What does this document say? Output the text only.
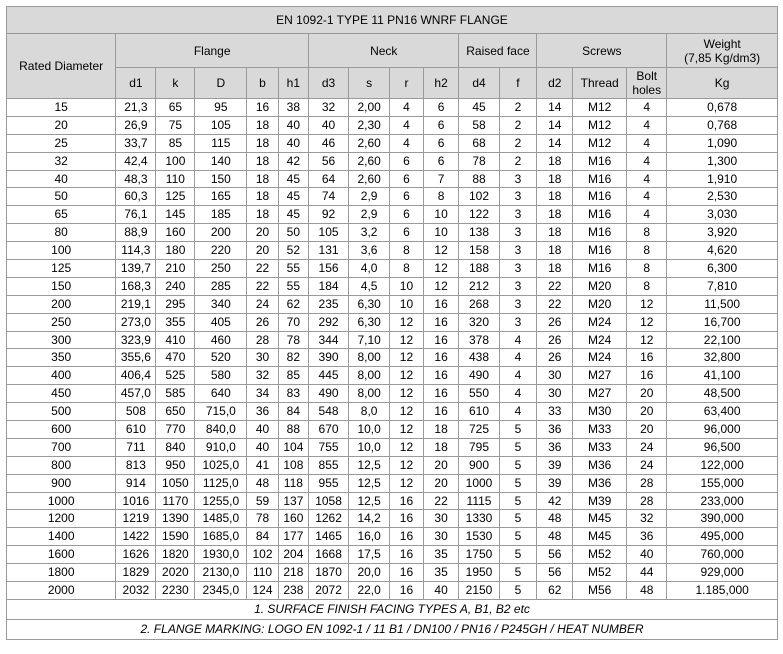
EN 1092-1 TYPE 11 PN16 WNRF FLANGE															
Rated Diameter	Flange					Neck				Raised face		Screws			Weight
(7,85 Kg/dm3)
	d1	k	D	b	h1	d3	s	r	h2	d4	f	d2	Thread	Bolt
holes	Kg
15	21,3	65	95	16	38	32	2,00	4	6	45	2	14	M12	4	0,678
20	26,9	75	105	18	40	40	2,30	4	6	58	2	14	M12	4	0,768
25	33,7	85	115	18	40	46	2,60	4	6	68	2	14	M12	4	1,090
32	42,4	100	140	18	42	56	2,60	6	6	78	2	18	M16	4	1,300
40	48,3	110	150	18	45	64	2,60	6	7	88	3	18	M16	4	1,910
50	60,3	125	165	18	45	74	2,9	6	8	102	3	18	M16	4	2,530
65	76,1	145	185	18	45	92	2,9	6	10	122	3	18	M16	4	3,030
80	88,9	160	200	20	50	105	3,2	6	10	138	3	18	M16	8	3,920
100	114,3	180	220	20	52	131	3,6	8	12	158	3	18	M16	8	4,620
125	139,7	210	250	22	55	156	4,0	8	12	188	3	18	M16	8	6,300
150	168,3	240	285	22	55	184	4,5	10	12	212	3	22	M20	8	7,810
200	219,1	295	340	24	62	235	6,30	10	16	268	3	22	M20	12	11,500
250	273,0	355	405	26	70	292	6,30	12	16	320	3	26	M24	12	16,700
300	323,9	410	460	28	78	344	7,10	12	16	378	4	26	M24	12	22,100
350	355,6	470	520	30	82	390	8,00	12	16	438	4	26	M24	16	32,800
400	406,4	525	580	32	85	445	8,00	12	16	490	4	30	M27	16	41,100
450	457,0	585	640	34	83	490	8,00	12	16	550	4	30	M27	20	48,500
500	508	650	715,0	36	84	548	8,0	12	16	610	4	33	M30	20	63,400
600	610	770	840,0	40	88	670	10,0	12	18	725	5	36	M33	20	96,000
700	711	840	910,0	40	104	755	10,0	12	18	795	5	36	M33	24	96,500
800	813	950	1025,0	41	108	855	12,5	12	20	900	5	39	M36	24	122,000
900	914	1050	1125,0	48	118	955	12,5	12	20	1000	5	39	M36	28	155,000
1000	1016	1170	1255,0	59	137	1058	12,5	16	22	1115	5	42	M39	28	233,000
1200	1219	1390	1485,0	78	160	1262	14,2	16	30	1330	5	48	M45	32	390,000
1400	1422	1590	1685,0	84	177	1465	16,0	16	30	1530	5	48	M45	36	495,000
1600	1626	1820	1930,0	102	204	1668	17,5	16	35	1750	5	56	M52	40	760,000
1800	1829	2020	2130,0	110	218	1870	20,0	16	35	1950	5	56	M52	44	929,000
2000	2032	2230	2345,0	124	238	2072	22,0	16	40	2150	5	62	M56	48	1.185,000
1. SURFACE FINISH FACING TYPES A, B1, B2 etc															
2. FLANGE MARKING: LOGO EN 1092-1 / 11 B1 / DN100 / PN16 / P245GH / HEAT NUMBER															
